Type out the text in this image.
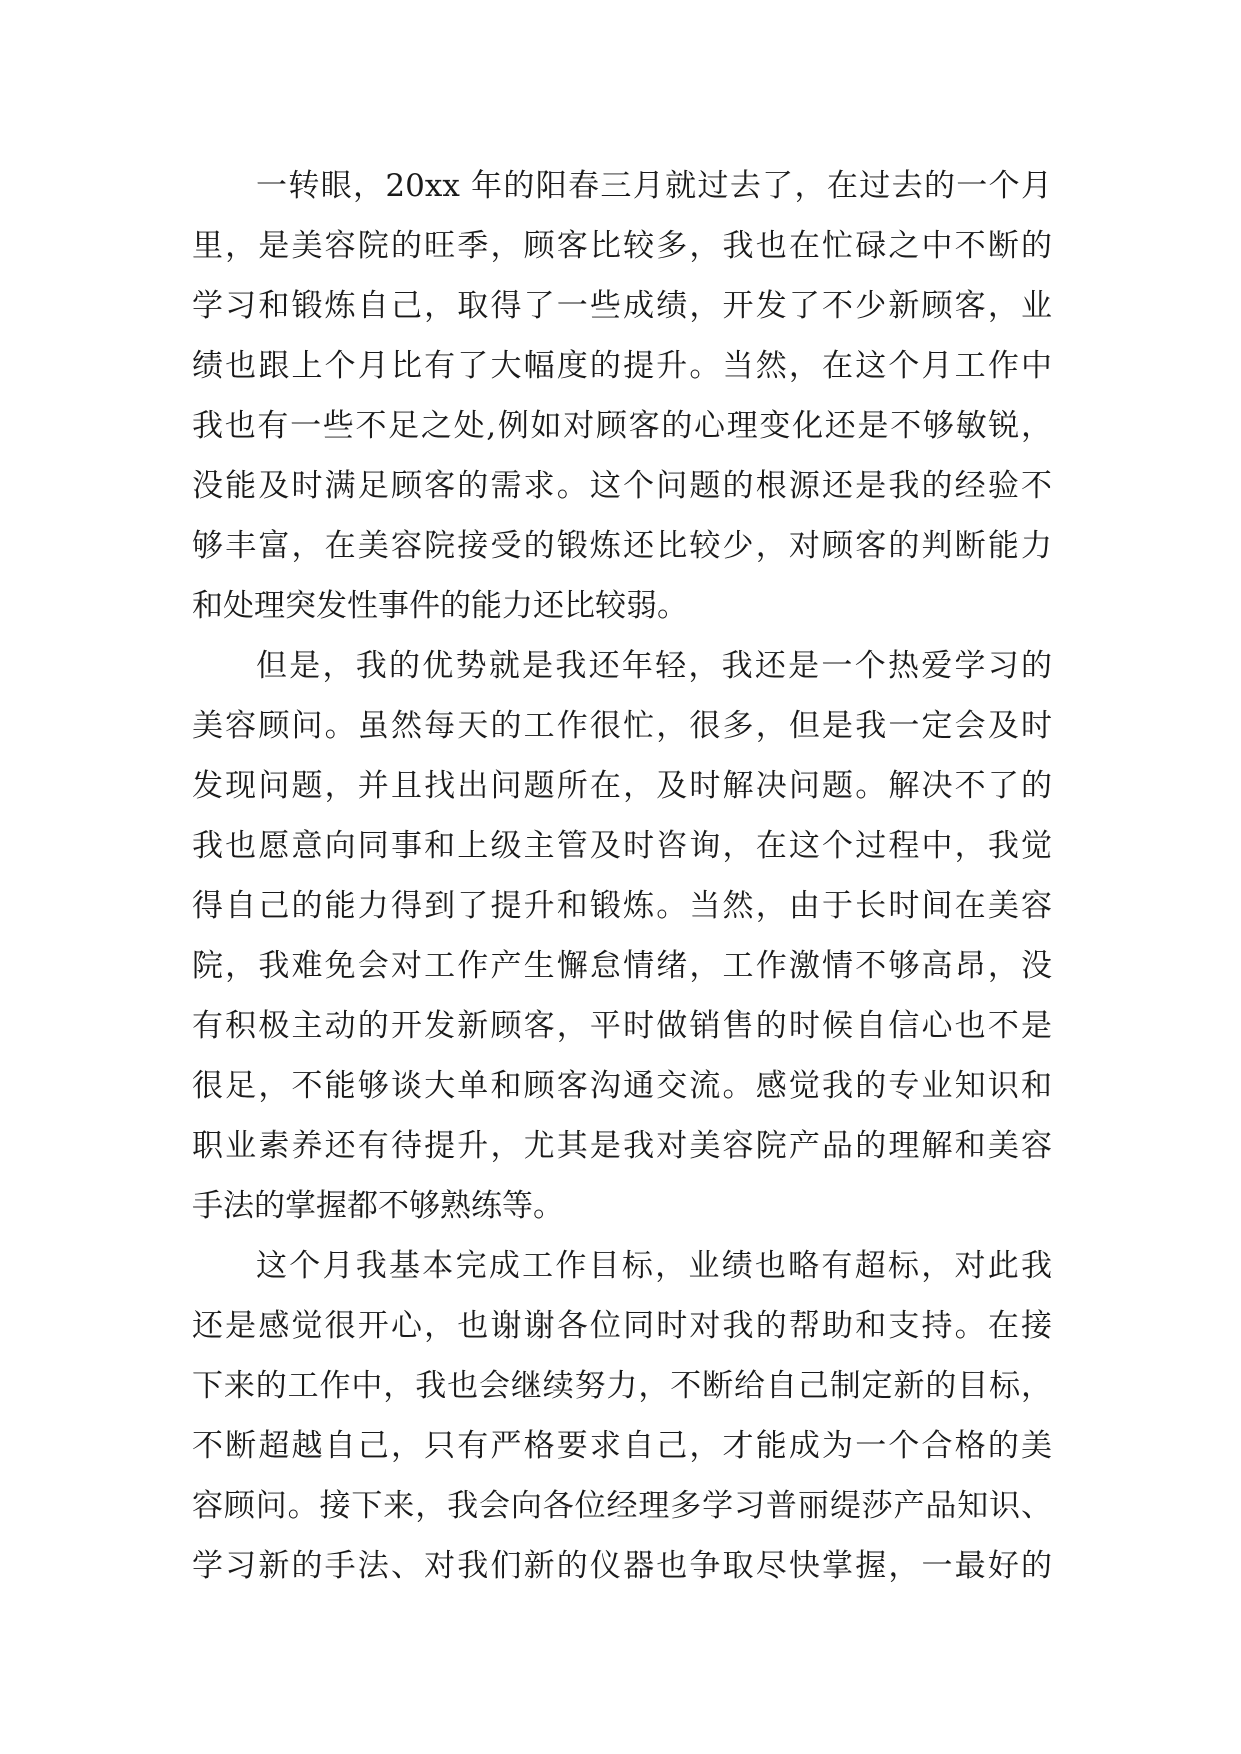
一转眼，20xx 年的阳春三月就过去了，在过去的一个月
里，是美容院的旺季，顾客比较多，我也在忙碌之中不断的
学习和锻炼自己，取得了一些成绩，开发了不少新顾客，业
绩也跟上个月比有了大幅度的提升。当然，在这个月工作中
我也有一些不足之处,例如对顾客的心理变化还是不够敏锐，
没能及时满足顾客的需求。这个问题的根源还是我的经验不
够丰富，在美容院接受的锻炼还比较少，对顾客的判断能力
和处理突发性事件的能力还比较弱。
但是，我的优势就是我还年轻，我还是一个热爱学习的
美容顾问。虽然每天的工作很忙，很多，但是我一定会及时
发现问题，并且找出问题所在，及时解决问题。解决不了的
我也愿意向同事和上级主管及时咨询，在这个过程中，我觉
得自己的能力得到了提升和锻炼。当然，由于长时间在美容
院，我难免会对工作产生懈怠情绪，工作激情不够高昂，没
有积极主动的开发新顾客，平时做销售的时候自信心也不是
很足，不能够谈大单和顾客沟通交流。感觉我的专业知识和
职业素养还有待提升，尤其是我对美容院产品的理解和美容
手法的掌握都不够熟练等。
这个月我基本完成工作目标，业绩也略有超标，对此我
还是感觉很开心，也谢谢各位同时对我的帮助和支持。在接
下来的工作中，我也会继续努力，不断给自己制定新的目标，
不断超越自己，只有严格要求自己，才能成为一个合格的美
容顾问。接下来，我会向各位经理多学习普丽缇莎产品知识、
学习新的手法、对我们新的仪器也争取尽快掌握，一最好的
